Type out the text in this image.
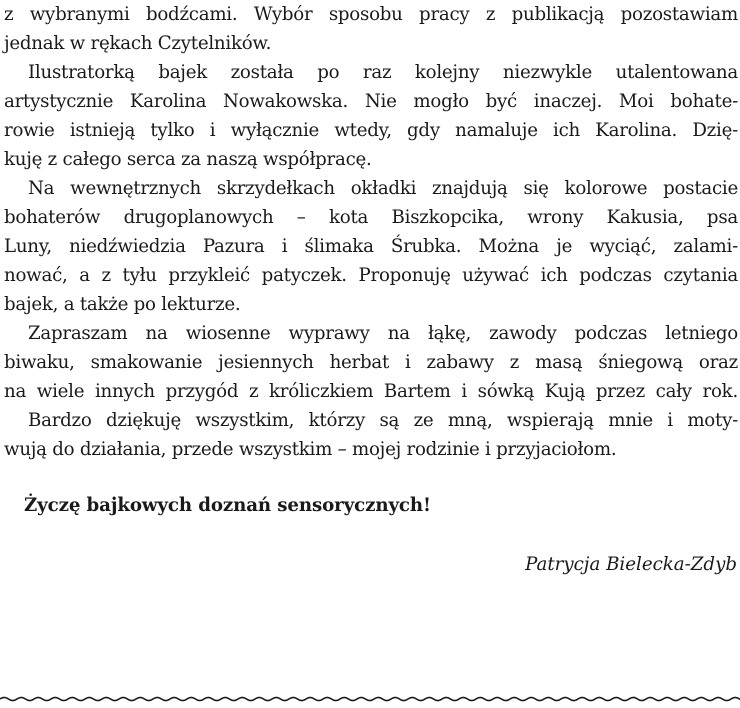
z wybranymi bodźcami. Wybór sposobu pracy z publikacją pozostawiam
jednak w rękach Czytelników.
Ilustratorką bajek została po raz kolejny niezwykle utalentowana
artystycznie Karolina Nowakowska. Nie mogło być inaczej. Moi bohate-
rowie istnieją tylko i wyłącznie wtedy, gdy namaluje ich Karolina. Dzię-
kuję z całego serca za naszą współpracę.
Na wewnętrznych skrzydełkach okładki znajdują się kolorowe postacie
bohaterów drugoplanowych – kota Biszkopcika, wrony Kakusia, psa
Luny, niedźwiedzia Pazura i ślimaka Śrubka. Można je wyciąć, zalami-
nować, a z tyłu przykleić patyczek. Proponuję używać ich podczas czytania
bajek, a także po lekturze.
Zapraszam na wiosenne wyprawy na łąkę, zawody podczas letniego
biwaku, smakowanie jesiennych herbat i zabawy z masą śniegową oraz
na wiele innych przygód z króliczkiem Bartem i sówką Kują przez cały rok.
Bardzo dziękuję wszystkim, którzy są ze mną, wspierają mnie i moty-
wują do działania, przede wszystkim – mojej rodzinie i przyjaciołom.
Życzę bajkowych doznań sensorycznych!
Patrycja Bielecka-Zdyb
